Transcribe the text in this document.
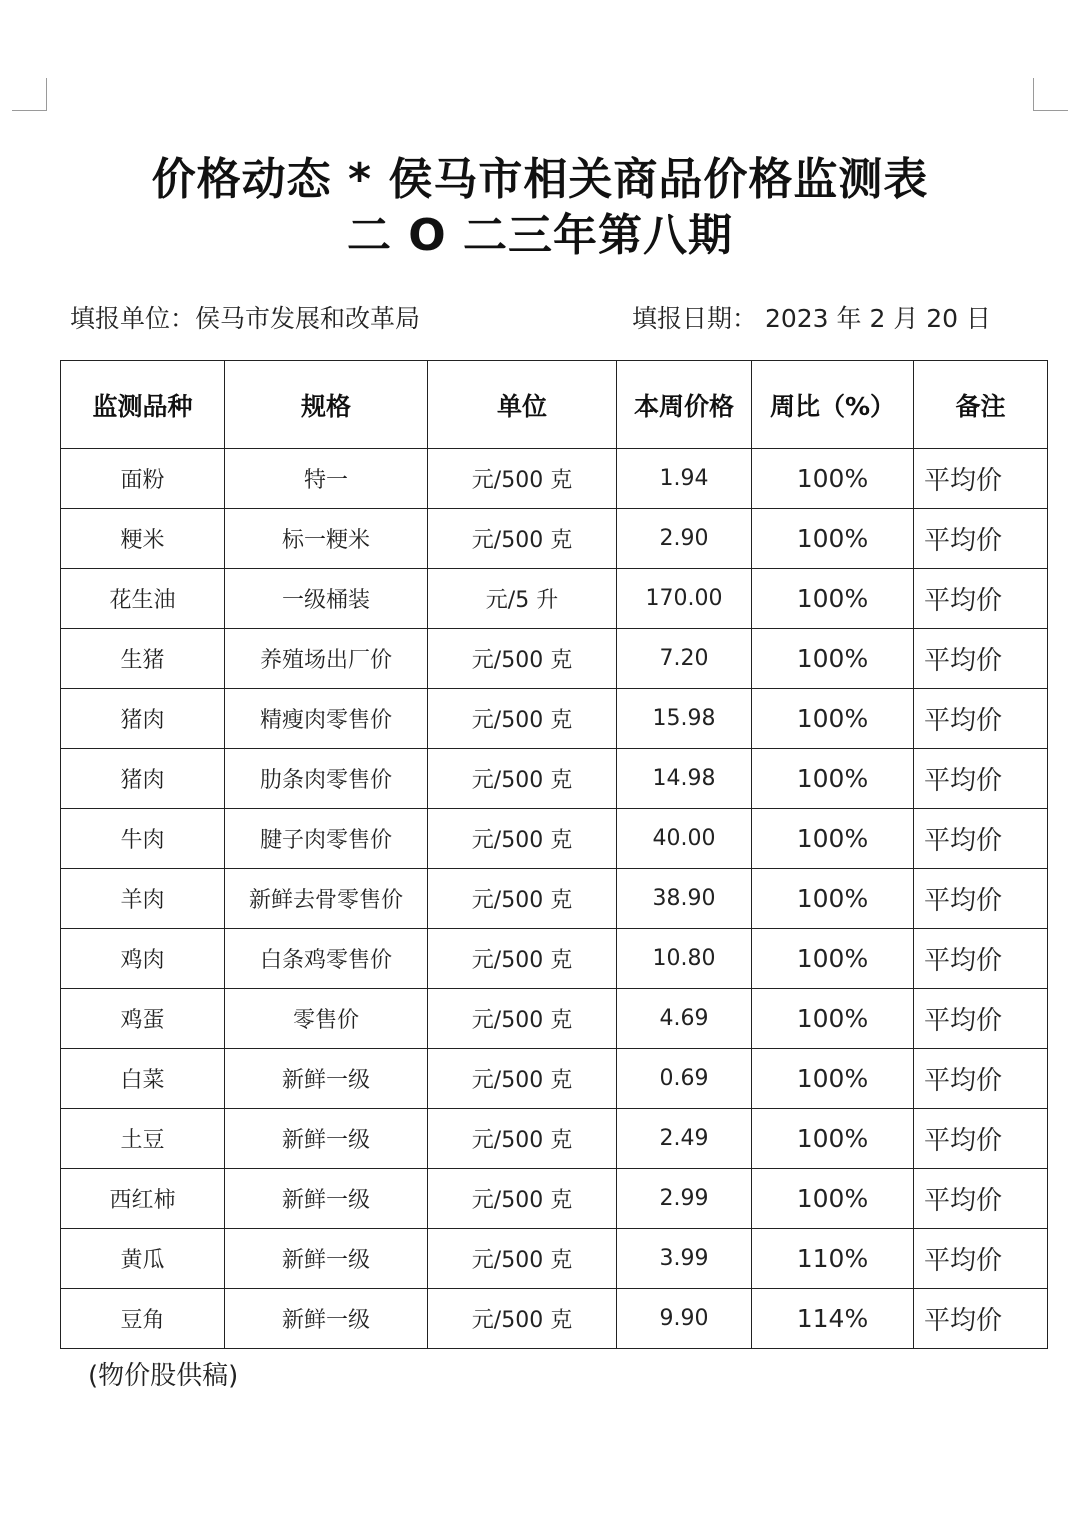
价格动态 * 侯马市相关商品价格监测表
二 O 二三年第八期
填报单位：侯马市发展和改革局	填报日期： 2023 年 2 月 20 日
监测品种	规格	单位	本周价格	周比（%）	备注
面粉	特一	元/500 克	1.94	100%	平均价
粳米	标一粳米	元/500 克	2.90	100%	平均价
花生油	一级桶装	元/5 升	170.00	100%	平均价
生猪	养殖场出厂价	元/500 克	7.20	100%	平均价
猪肉	精瘦肉零售价	元/500 克	15.98	100%	平均价
猪肉	肋条肉零售价	元/500 克	14.98	100%	平均价
牛肉	腱子肉零售价	元/500 克	40.00	100%	平均价
羊肉	新鲜去骨零售价	元/500 克	38.90	100%	平均价
鸡肉	白条鸡零售价	元/500 克	10.80	100%	平均价
鸡蛋	零售价	元/500 克	4.69	100%	平均价
白菜	新鲜一级	元/500 克	0.69	100%	平均价
土豆	新鲜一级	元/500 克	2.49	100%	平均价
西红柿	新鲜一级	元/500 克	2.99	100%	平均价
黄瓜	新鲜一级	元/500 克	3.99	110%	平均价
豆角	新鲜一级	元/500 克	9.90	114%	平均价
(物价股供稿)
